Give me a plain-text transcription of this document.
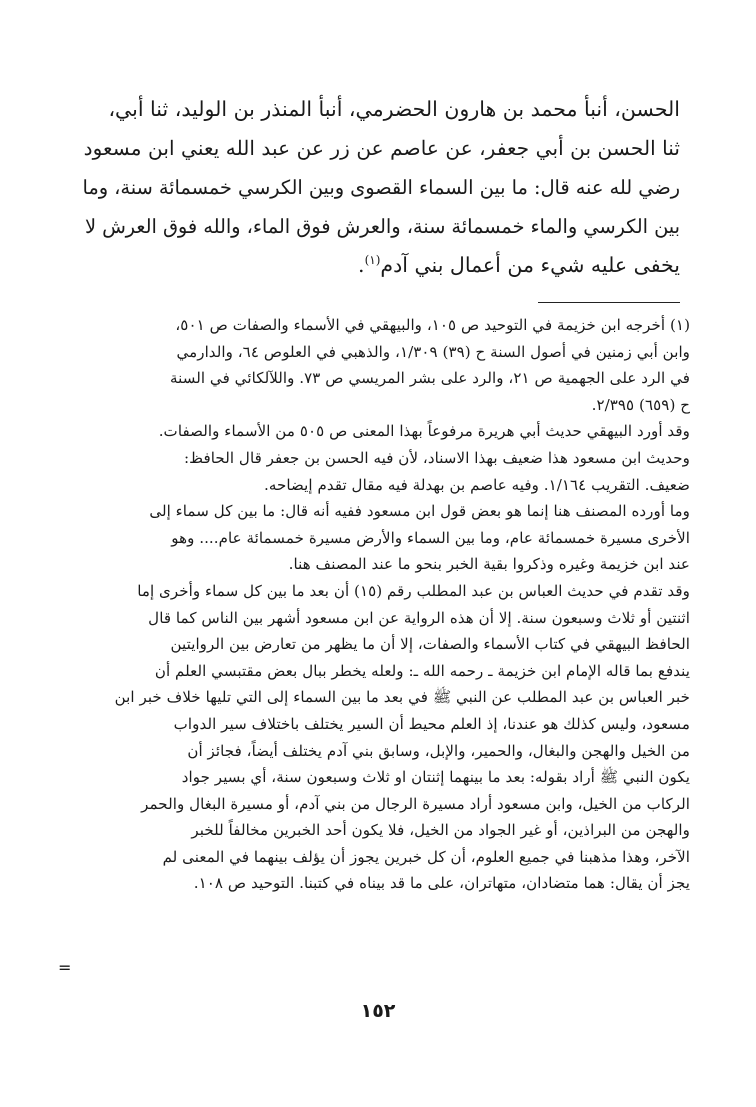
الحسن، أنبأ محمد بن هارون الحضرمي، أنبأ المنذر بن الوليد، ثنا أبي،
ثنا الحسن بن أبي جعفر، عن عاصم عن زر عن عبد الله يعني ابن مسعود
رضي لله عنه قال: ما بين السماء القصوى وبين الكرسي خمسمائة سنة، وما
بين الكرسي والماء خمسمائة سنة، والعرش فوق الماء، والله فوق العرش لا
يخفى عليه شيء من أعمال بني آدم$^{(١)}$.
(١) أخرجه ابن خزيمة في التوحيد ص ١٠٥، والبيهقي في الأسماء والصفات ص ٥٠١،
وابن أبي زمنين في أصول السنة ح (٣٩) ١/٣٠٩، والذهبي في العلوص ٦٤، والدارمي
في الرد على الجهمية ص ٢١، والرد على بشر المريسي ص ٧٣. واللآلكائي في السنة
ح (٦٥٩) ٢/٣٩٥.
وقد أورد البيهقي حديث أبي هريرة مرفوعاً بهذا المعنى ص ٥٠٥ من الأسماء والصفات.
وحديث ابن مسعود هذا ضعيف بهذا الاسناد، لأن فيه الحسن بن جعفر قال الحافظ:
ضعيف. التقريب ١/١٦٤. وفيه عاصم بن بهدلة فيه مقال تقدم إيضاحه.
وما أورده المصنف هنا إنما هو بعض قول ابن مسعود ففيه أنه قال: ما بين كل سماء إلى
الأخرى مسيرة خمسمائة عام، وما بين السماء والأرض مسيرة خمسمائة عام.... وهو
عند ابن خزيمة وغيره وذكروا بقية الخبر بنحو ما عند المصنف هنا.
وقد تقدم في حديث العباس بن عبد المطلب رقم (١٥) أن بعد ما بين كل سماء وأخرى إما
اثنتين أو ثلاث وسبعون سنة. إلا أن هذه الرواية عن ابن مسعود أشهر بين الناس كما قال
الحافظ البيهقي في كتاب الأسماء والصفات، إلا أن ما يظهر من تعارض بين الروايتين
يندفع بما قاله الإمام ابن خزيمة ـ رحمه الله ـ: ولعله يخطر ببال بعض مقتبسي العلم أن
خبر العباس بن عبد المطلب عن النبي ﷺ في بعد ما بين السماء إلى التي تليها خلاف خبر ابن
مسعود، وليس كذلك هو عندنا، إذ العلم محيط أن السير يختلف باختلاف سير الدواب
من الخيل والهجن والبغال، والحمير، والإبل، وسابق بني آدم يختلف أيضاً، فجائز أن
يكون النبي ﷺ أراد بقوله: بعد ما بينهما إثنتان او ثلاث وسبعون سنة، أي بسير جواد
الركاب من الخيل، وابن مسعود أراد مسيرة الرجال من بني آدم، أو مسيرة البغال والحمر
والهجن من البراذين، أو غير الجواد من الخيل، فلا يكون أحد الخبرين مخالفاً للخبر
الآخر، وهذا مذهبنا في جميع العلوم، أن كل خبرين يجوز أن يؤلف بينهما في المعنى لم
يجز أن يقال: هما متضادان، متهاتران، على ما قد بيناه في كتبنا. التوحيد ص ١٠٨.
=
١٥٢
